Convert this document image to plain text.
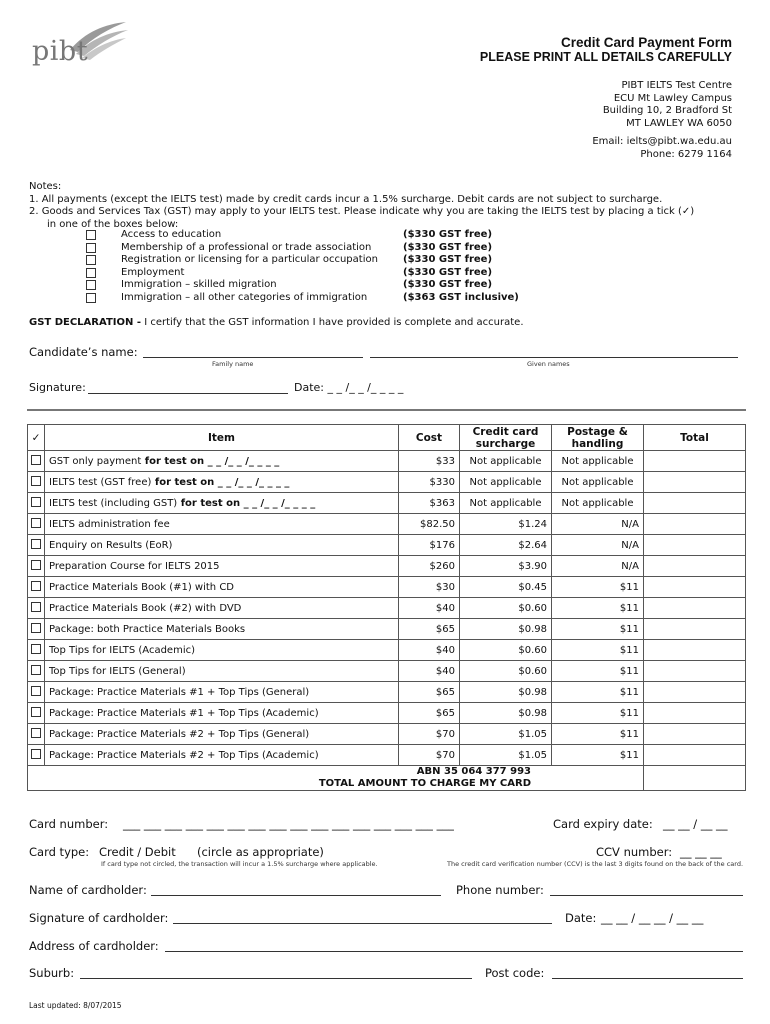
pibt	Credit Card Payment Form
PLEASE PRINT ALL DETAILS CAREFULLY
PIBT IELTS Test Centre
ECU Mt Lawley Campus
Building 10, 2 Bradford St
MT LAWLEY WA 6050
Email: ielts@pibt.wa.edu.au
Phone: 6279 1164
Notes:
1. All payments (except the IELTS test) made by credit cards incur a 1.5% surcharge. Debit cards are not subject to surcharge.
2. Goods and Services Tax (GST) may apply to your IELTS test. Please indicate why you are taking the IELTS test by placing a tick (✓)
in one of the boxes below:
Access to education	($330 GST free)
Membership of a professional or trade association	($330 GST free)
Registration or licensing for a particular occupation	($330 GST free)
Employment	($330 GST free)
Immigration – skilled migration	($330 GST free)
Immigration – all other categories of immigration	($363 GST inclusive)
GST DECLARATION - I certify that the GST information I have provided is complete and accurate.
Candidate’s name:
Family name	Given names
Signature:	Date: _ _ /_ _ /_ _ _ _
✓	Item	Cost	Credit card surcharge	Postage & handling	Total
	GST only payment for test on _ _ /_ _ /_ _ _ _	$33	Not applicable	Not applicable	
	IELTS test (GST free) for test on _ _ /_ _ /_ _ _ _	$330	Not applicable	Not applicable	
	IELTS test (including GST) for test on _ _ /_ _ /_ _ _ _	$363	Not applicable	Not applicable	
	IELTS administration fee	$82.50	$1.24	N/A	
	Enquiry on Results (EoR)	$176	$2.64	N/A	
	Preparation Course for IELTS 2015	$260	$3.90	N/A	
	Practice Materials Book (#1) with CD	$30	$0.45	$11	
	Practice Materials Book (#2) with DVD	$40	$0.60	$11	
	Package: both Practice Materials Books	$65	$0.98	$11	
	Top Tips for IELTS (Academic)	$40	$0.60	$11	
	Top Tips for IELTS (General)	$40	$0.60	$11	
	Package: Practice Materials #1 + Top Tips (General)	$65	$0.98	$11	
	Package: Practice Materials #1 + Top Tips (Academic)	$65	$0.98	$11	
	Package: Practice Materials #2 + Top Tips (General)	$70	$1.05	$11	
	Package: Practice Materials #2 + Top Tips (Academic)	$70	$1.05	$11	

ABN 35 064 377 993
TOTAL AMOUNT TO CHARGE MY CARD					

Card number: ___ ___ ___ ___ ___ ___ ___ ___ ___ ___ ___ ___ ___ ___ ___ ___	Card expiry date: __ __ / __ __
Card type: Credit / Debit (circle as appropriate)
If card type not circled, the transaction will incur a 1.5% surcharge where applicable.
CCV number: __ __ __
The credit card verification number (CCV) is the last 3 digits found on the back of the card.
Name of cardholder:	Phone number:
Signature of cardholder:	Date: __ __ / __ __ / __ __
Address of cardholder:
Suburb:	Post code:
Last updated: 8/07/2015
